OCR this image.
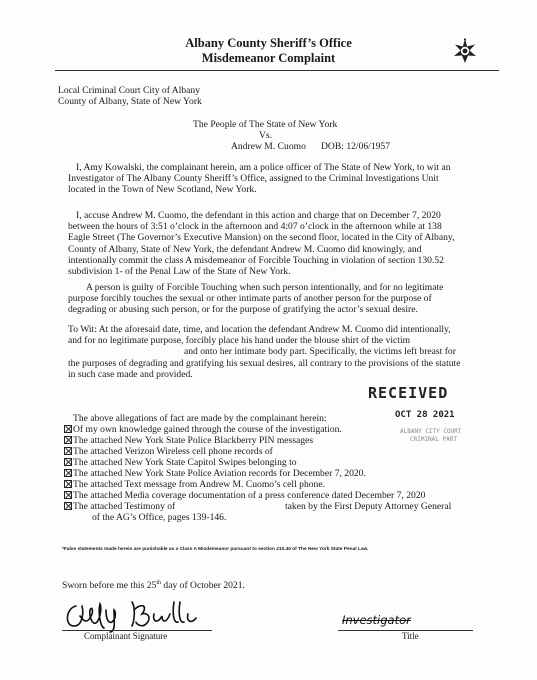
Albany County Sheriff’s Office
Misdemeanor Complaint
Local Criminal Court City of Albany
County of Albany, State of New York
The People of The State of New York
Vs.
Andrew M. Cuomo DOB: 12/06/1957
I, Amy Kowalski, the complainant herein, am a police officer of The State of New York, to wit an
Investigator of The Albany County Sheriff’s Office, assigned to the Criminal Investigations Unit
located in the Town of New Scotland, New York.
I, accuse Andrew M. Cuomo, the defendant in this action and charge that on December 7, 2020
between the hours of 3:51 o’clock in the afternoon and 4:07 o’clock in the afternoon while at 138
Eagle Street (The Governor’s Executive Mansion) on the second floor, located in the City of Albany,
County of Albany, State of New York, the defendant Andrew M. Cuomo did knowingly, and
intentionally commit the class A misdemeanor of Forcible Touching in violation of section 130.52
subdivision 1- of the Penal Law of the State of New York.
A person is guilty of Forcible Touching when such person intentionally, and for no legitimate
purpose forcibly touches the sexual or other intimate parts of another person for the purpose of
degrading or abusing such person, or for the purpose of gratifying the actor’s sexual desire.
To Wit: At the aforesaid date, time, and location the defendant Andrew M. Cuomo did intentionally,
and for no legitimate purpose, forcibly place his hand under the blouse shirt of the victim
and onto her intimate body part. Specifically, the victims left breast for
the purposes of degrading and gratifying his sexual desires, all contrary to the provisions of the statute
in such case made and provided.
RECEIVED
OCT 28 2021
ALBANY CITY COURT
CRIMINAL PART
The above allegations of fact are made by the complainant herein:
Of my own knowledge gained through the course of the investigation.
The attached New York State Police Blackberry PIN messages
The attached Verizon Wireless cell phone records of
The attached New York State Capitol Swipes belonging to
The attached New York State Police Aviation records for December 7, 2020.
The attached Text message from Andrew M. Cuomo’s cell phone.
The attached Media coverage documentation of a press conference dated December 7, 2020
The attached Testimony of	taken by the First Deputy Attorney General
of the AG’s Office, pages 139-146.
*False statements made herein are punishable as a Class A Misdemeanor pursuant to section 210.40 of The New York State Penal Law.
Sworn before me this 25th day of October 2021.
Complainant Signature
Investigator
Title
